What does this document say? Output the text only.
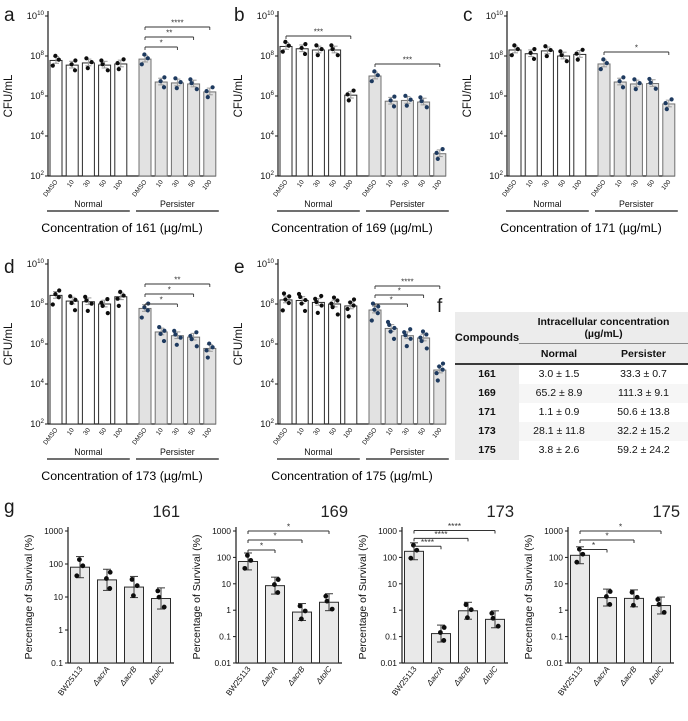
a	b	c
d	e
f
g
$10^2$
$10^4$
$10^6$
$10^8$
$10^{10}$
CFU/mL
DMSO 10 30 50 100 DMSO 10 30 50 100
Normal	Persister
Concentration of 161 (µg/mL)
*
**
****
$10^2$
$10^4$
$10^6$
$10^8$
$10^{10}$
CFU/mL
DMSO 10 30 50 100 DMSO 10 30 50 100
Normal	Persister
Concentration of 169 (µg/mL)
***
***
$10^2$
$10^4$
$10^6$
$10^8$
$10^{10}$
CFU/mL
DMSO 10 30 50 100 DMSO 10 30 50 100
Normal	Persister
Concentration of 171 (µg/mL)
*
$10^2$
$10^4$
$10^6$
$10^8$
$10^{10}$
CFU/mL
DMSO 10 30 50 100 DMSO 10 30 50 100
Normal	Persister
Concentration of 173 (µg/mL)
*
*
**
$10^2$
$10^4$
$10^6$
$10^8$
$10^{10}$
CFU/mL
DMSO 10 30 50 100 DMSO 10 30 50 100
Normal	Persister
Concentration of 175 (µg/mL)
*
*
****
Compounds
Intracellular concentration (µg/mL)
Normal	Persister
161	3.0 ± 1.5	33.3 ± 0.7
169	65.2 ± 8.9	111.3 ± 9.1
171	1.1 ± 0.9	50.6 ± 13.8
173	28.1 ± 11.8	32.2 ± 15.2
175	3.8 ± 2.6	59.2 ± 24.2
1000
100
10
1
0.1
Percentage of Survival (%)
161
BW25113 ΔacrA ΔacrB ΔtolC
1000
100
10
1
0.1
0.01
Percentage of Survival (%)
169
BW25113 ΔacrA ΔacrB ΔtolC
*
*
*	1000
100
10
1
0.1
0.01
Percentage of Survival (%)
173
BW25113 ΔacrA ΔacrB ΔtolC
****
****
****
1000
100
10
1
0.1
0.01
Percentage of Survival (%)
175
BW25113 ΔacrA ΔacrB ΔtolC
*
*
*
